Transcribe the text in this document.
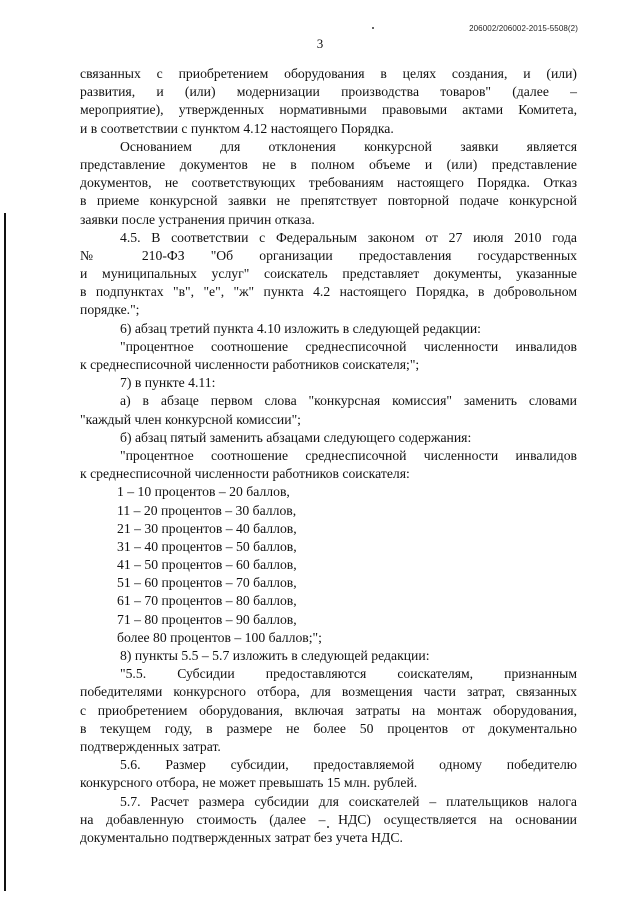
206002/206002-2015-5508(2)
3
связанных с приобретением оборудования в целях создания, и (или)
развития, и (или) модернизации производства товаров" (далее –
мероприятие), утвержденных нормативными правовыми актами Комитета,
и в соответствии с пунктом 4.12 настоящего Порядка.
Основанием для отклонения конкурсной заявки является
представление документов не в полном объеме и (или) представление
документов, не соответствующих требованиям настоящего Порядка. Отказ
в приеме конкурсной заявки не препятствует повторной подаче конкурсной
заявки после устранения причин отказа.
4.5. В соответствии с Федеральным законом от 27 июля 2010 года
№ 210-ФЗ "Об организации предоставления государственных
и муниципальных услуг" соискатель представляет документы, указанные
в подпунктах "в", "е", "ж" пункта 4.2 настоящего Порядка, в добровольном
порядке.";
6) абзац третий пункта 4.10 изложить в следующей редакции:
"процентное соотношение среднесписочной численности инвалидов
к среднесписочной численности работников соискателя;";
7) в пункте 4.11:
а) в абзаце первом слова "конкурсная комиссия" заменить словами
"каждый член конкурсной комиссии";
б) абзац пятый заменить абзацами следующего содержания:
"процентное соотношение среднесписочной численности инвалидов
к среднесписочной численности работников соискателя:
1 – 10 процентов – 20 баллов,
11 – 20 процентов – 30 баллов,
21 – 30 процентов – 40 баллов,
31 – 40 процентов – 50 баллов,
41 – 50 процентов – 60 баллов,
51 – 60 процентов – 70 баллов,
61 – 70 процентов – 80 баллов,
71 – 80 процентов – 90 баллов,
более 80 процентов – 100 баллов;";
8) пункты 5.5 – 5.7 изложить в следующей редакции:
"5.5. Субсидии предоставляются соискателям, признанным
победителями конкурсного отбора, для возмещения части затрат, связанных
с приобретением оборудования, включая затраты на монтаж оборудования,
в текущем году, в размере не более 50 процентов от документально
подтвержденных затрат.
5.6. Размер субсидии, предоставляемой одному победителю
конкурсного отбора, не может превышать 15 млн. рублей.
5.7. Расчет размера субсидии для соискателей – плательщиков налога
на добавленную стоимость (далее – НДС) осуществляется на основании
документально подтвержденных затрат без учета НДС.
